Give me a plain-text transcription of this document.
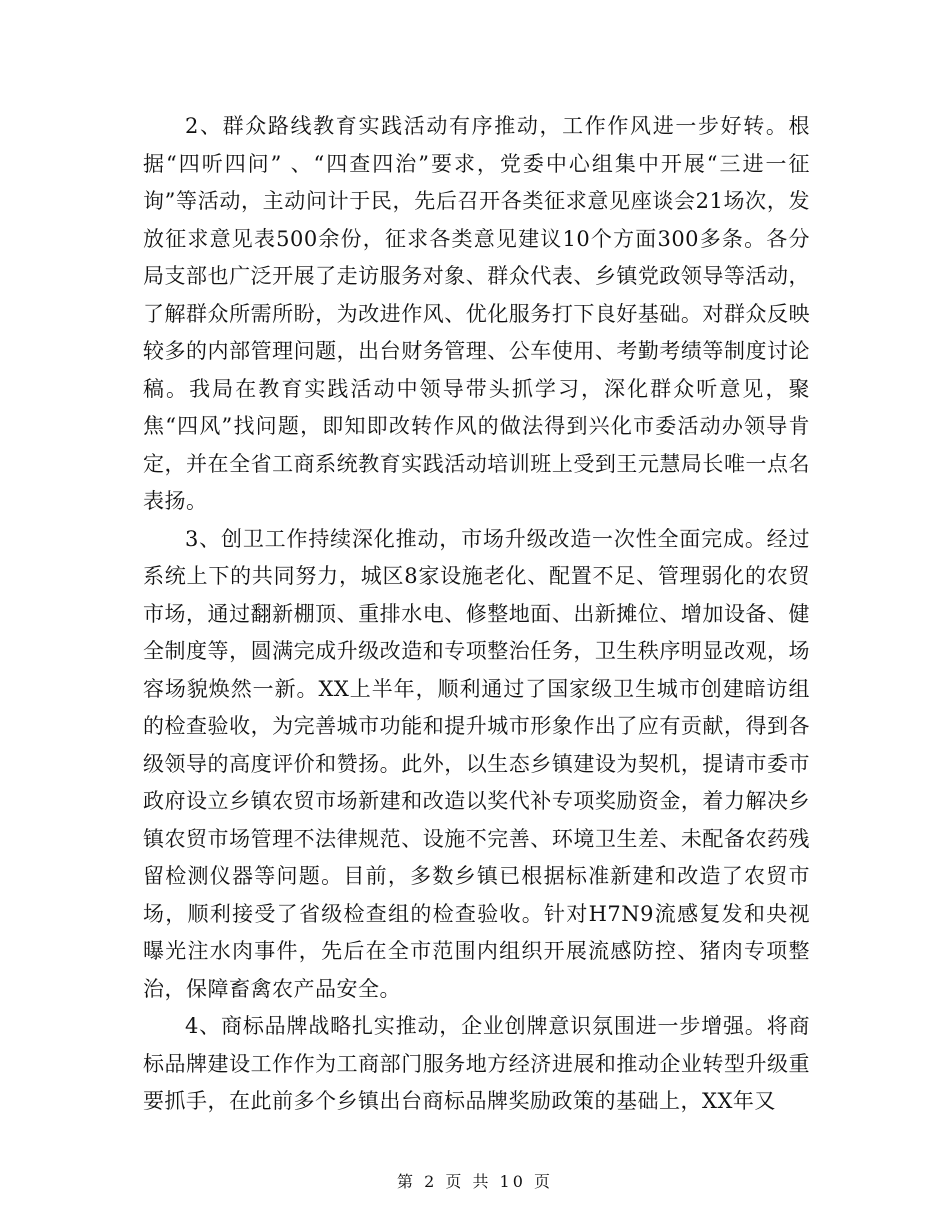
2、群众路线教育实践活动有序推动，工作作风进一步好转。根据“四听四问” 、“四查四治”要求，党委中心组集中开展“三进一征询”等活动，主动问计于民，先后召开各类征求意见座谈会21场次，发放征求意见表500余份，征求各类意见建议10个方面300多条。各分局支部也广泛开展了走访服务对象、群众代表、乡镇党政领导等活动，了解群众所需所盼，为改进作风、优化服务打下良好基础。对群众反映较多的内部管理问题，出台财务管理、公车使用、考勤考绩等制度讨论稿。我局在教育实践活动中领导带头抓学习，深化群众听意见，聚焦“四风”找问题，即知即改转作风的做法得到兴化市委活动办领导肯定，并在全省工商系统教育实践活动培训班上受到王元慧局长唯一点名表扬。

3、创卫工作持续深化推动，市场升级改造一次性全面完成。经过系统上下的共同努力，城区8家设施老化、配置不足、管理弱化的农贸市场，通过翻新棚顶、重排水电、修整地面、出新摊位、增加设备、健全制度等，圆满完成升级改造和专项整治任务，卫生秩序明显改观，场容场貌焕然一新。XX上半年，顺利通过了国家级卫生城市创建暗访组的检查验收，为完善城市功能和提升城市形象作出了应有贡献，得到各级领导的高度评价和赞扬。此外，以生态乡镇建设为契机，提请市委市政府设立乡镇农贸市场新建和改造以奖代补专项奖励资金，着力解决乡镇农贸市场管理不法律规范、设施不完善、环境卫生差、未配备农药残留检测仪器等问题。目前，多数乡镇已根据标准新建和改造了农贸市场，顺利接受了省级检查组的检查验收。针对H7N9流感复发和央视曝光注水肉事件，先后在全市范围内组织开展流感防控、猪肉专项整治，保障畜禽农产品安全。

4、商标品牌战略扎实推动，企业创牌意识氛围进一步增强。将商标品牌建设工作作为工商部门服务地方经济进展和推动企业转型升级重要抓手，在此前多个乡镇出台商标品牌奖励政策的基础上，XX年又

第 2 页 共 10 页
